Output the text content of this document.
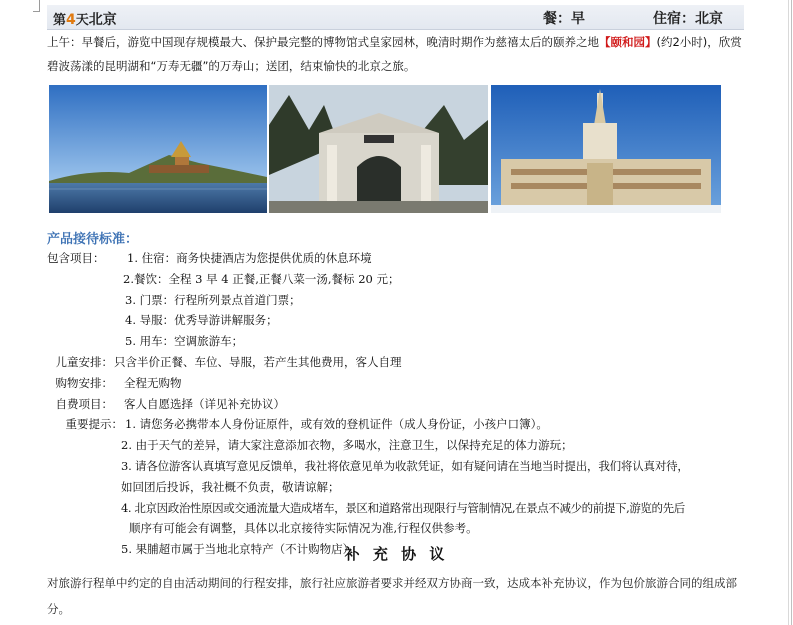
第4天北京	餐：早	住宿：北京
上午：早餐后，游览中国现存规模最大、保护最完整的博物馆式皇家园林，晚清时期作为慈禧太后的颐养之地【颐和园】(约2小时)，欣赏碧波荡漾的昆明湖和“万寿无疆”的万寿山；送团，结束愉快的北京之旅。
产品接待标准：
包含项目： 1. 住宿：商务快捷酒店为您提供优质的休息环境
2.餐饮：全程 3 早 4 正餐,正餐八菜一汤,餐标 20 元；
3. 门票：行程所列景点首道门票；
4. 导服：优秀导游讲解服务；
5. 用车：空调旅游车；
儿童安排： 只含半价正餐、车位、导服，若产生其他费用，客人自理
购物安排： 全程无购物
自费项目： 客人自愿选择（详见补充协议）
重要提示： 1. 请您务必携带本人身份证原件，或有效的登机证件（成人身份证，小孩户口簿）。
2. 由于天气的差异，请大家注意添加衣物，多喝水，注意卫生，以保持充足的体力游玩；
3. 请各位游客认真填写意见反馈单，我社将依意见单为收款凭证，如有疑问请在当地当时提出，我们将认真对待，
如回团后投诉，我社概不负责，敬请谅解；
4. 北京因政治性原因或交通流量大造成堵车，景区和道路常出现限行与管制情况,在景点不减少的前提下,游览的先后
顺序有可能会有调整，具体以北京接待实际情况为准,行程仅供参考。
5. 果脯超市属于当地北京特产（不计购物店）
补 充 协 议
对旅游行程单中约定的自由活动期间的行程安排，旅行社应旅游者要求并经双方协商一致，达成本补充协议，作为包价旅游合同的组成部分。
